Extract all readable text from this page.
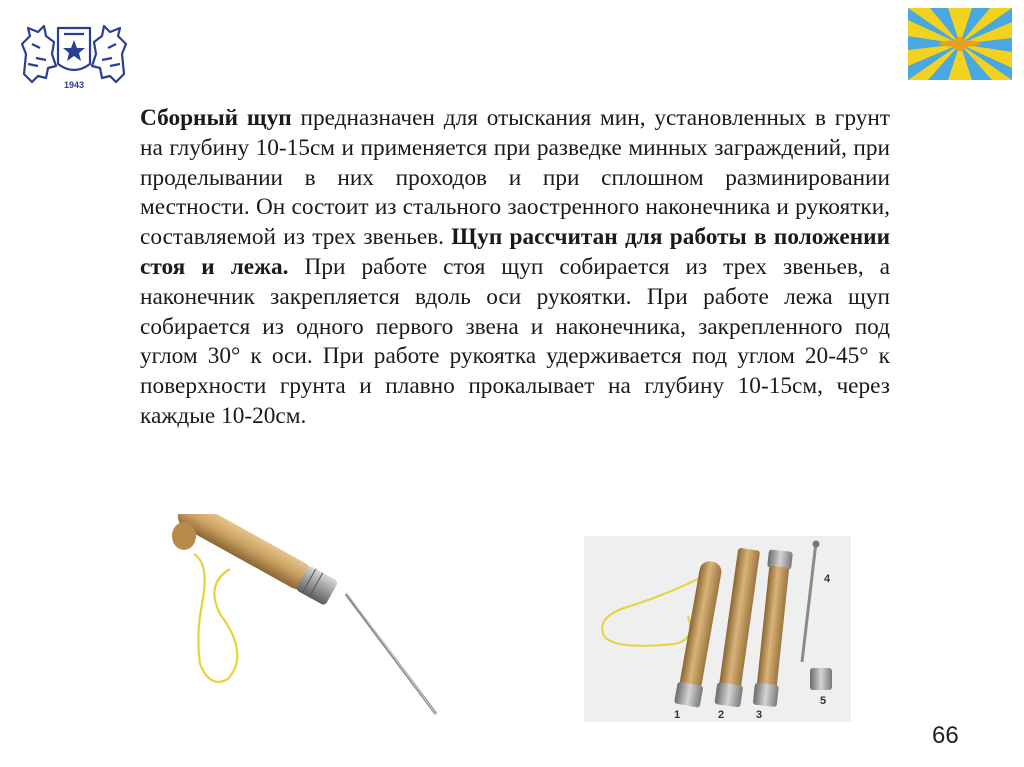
1943

Сборный щуп предназначен для отыскания мин, установленных в грунт на глубину 10-15см и применяется при разведке минных заграждений, при проделывании в них проходов и при сплошном разминировании местности. Он состоит из стального заостренного наконечника и рукоятки, составляемой из трех звеньев. Щуп рассчитан для работы в положении стоя и лежа. При работе стоя щуп собирается из трех звеньев, а наконечник закрепляется вдоль оси рукоятки. При работе лежа щуп собирается из одного первого звена и наконечника, закрепленного под углом 30° к оси. При работе рукоятка удерживается под углом 20-45° к поверхности грунта и плавно прокалывает на глубину 10-15см, через каждые 10-20см.

1	2	3
4
5
66
